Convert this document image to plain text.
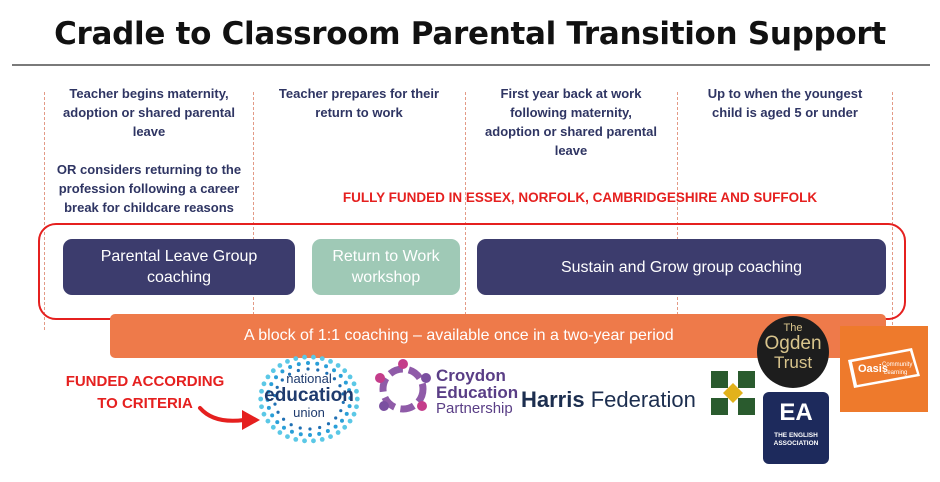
Cradle to Classroom Parental Transition Support
Teacher begins maternity,
adoption or shared parental
leave
OR considers returning to the
profession following a career
break for childcare reasons
Teacher prepares for their
return to work
First year back at work
following maternity,
adoption or shared parental
leave
Up to when the youngest
child is aged 5 or under
FULLY FUNDED IN ESSEX, NORFOLK, CAMBRIDGESHIRE AND SUFFOLK
Parental Leave Group
coaching
Return to Work
workshop
Sustain and Grow group coaching
A block of 1:1 coaching – available once in a two-year period
FUNDED ACCORDING
TO CRITERIA
national
education
union
Croydon
Education
Partnership Harris Federation
The
Ogden
Trust	Oasis
Community
Learning
EA
THE ENGLISH
ASSOCIATION
